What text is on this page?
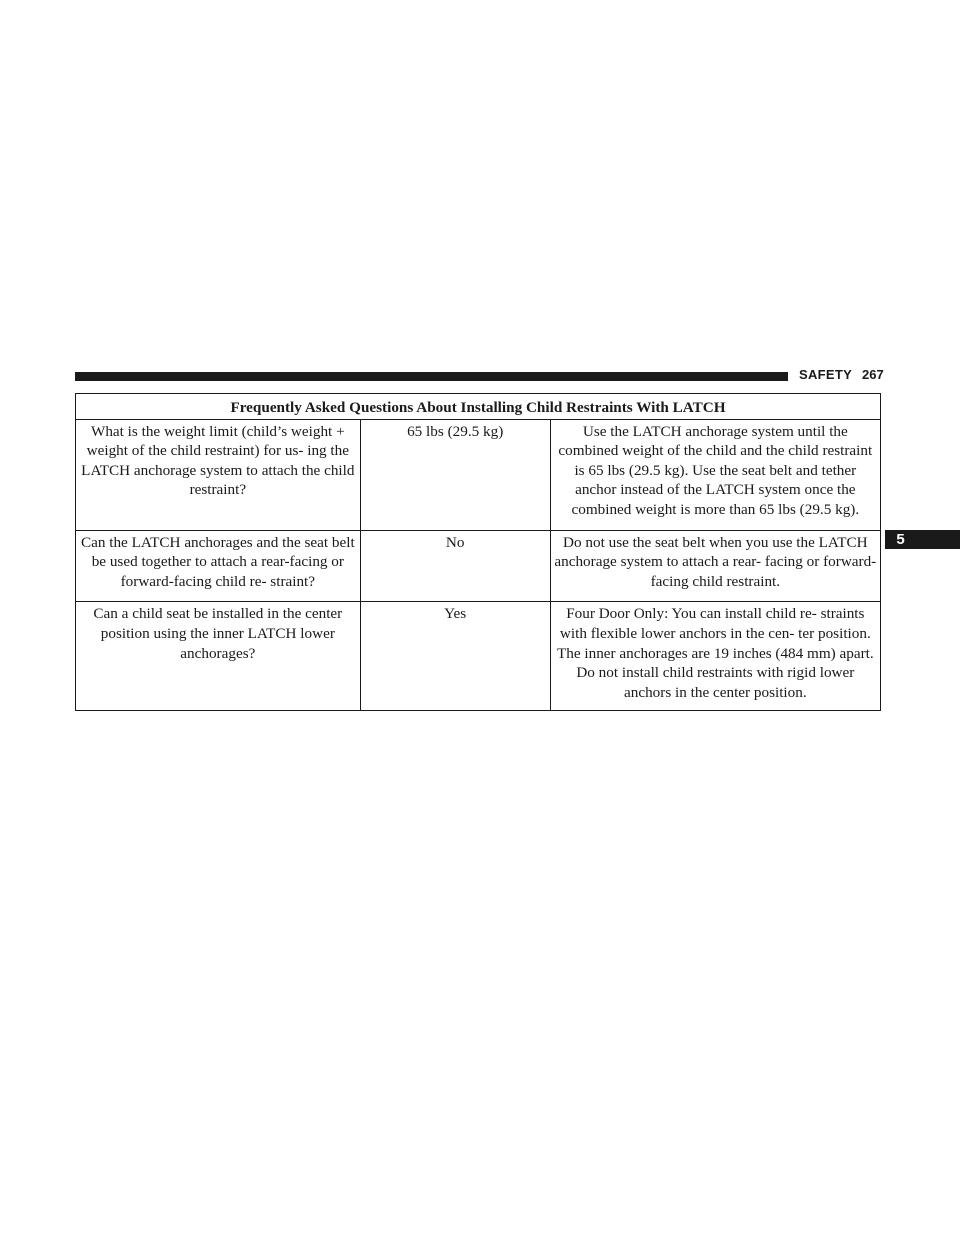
SAFETY 267
5
Frequently Asked Questions About Installing Child Restraints With LATCH		
What is the weight limit (child’s weight + weight of the child restraint) for us- ing the LATCH anchorage system to attach the child restraint?	65 lbs (29.5 kg)	Use the LATCH anchorage system until the combined weight of the child and the child restraint is 65 lbs (29.5 kg). Use the seat belt and tether anchor instead of the LATCH system once the combined weight is more than 65 lbs (29.5 kg).
Can the LATCH anchorages and the seat belt be used together to attach a rear-facing or forward-facing child re- straint?	No	Do not use the seat belt when you use the LATCH anchorage system to attach a rear- facing or forward-facing child restraint.
Can a child seat be installed in the center position using the inner LATCH lower anchorages?	Yes	Four Door Only: You can install child re- straints with flexible lower anchors in the cen- ter position. The inner anchorages are 19 inches (484 mm) apart. Do not install child restraints with rigid lower anchors in the center position.
